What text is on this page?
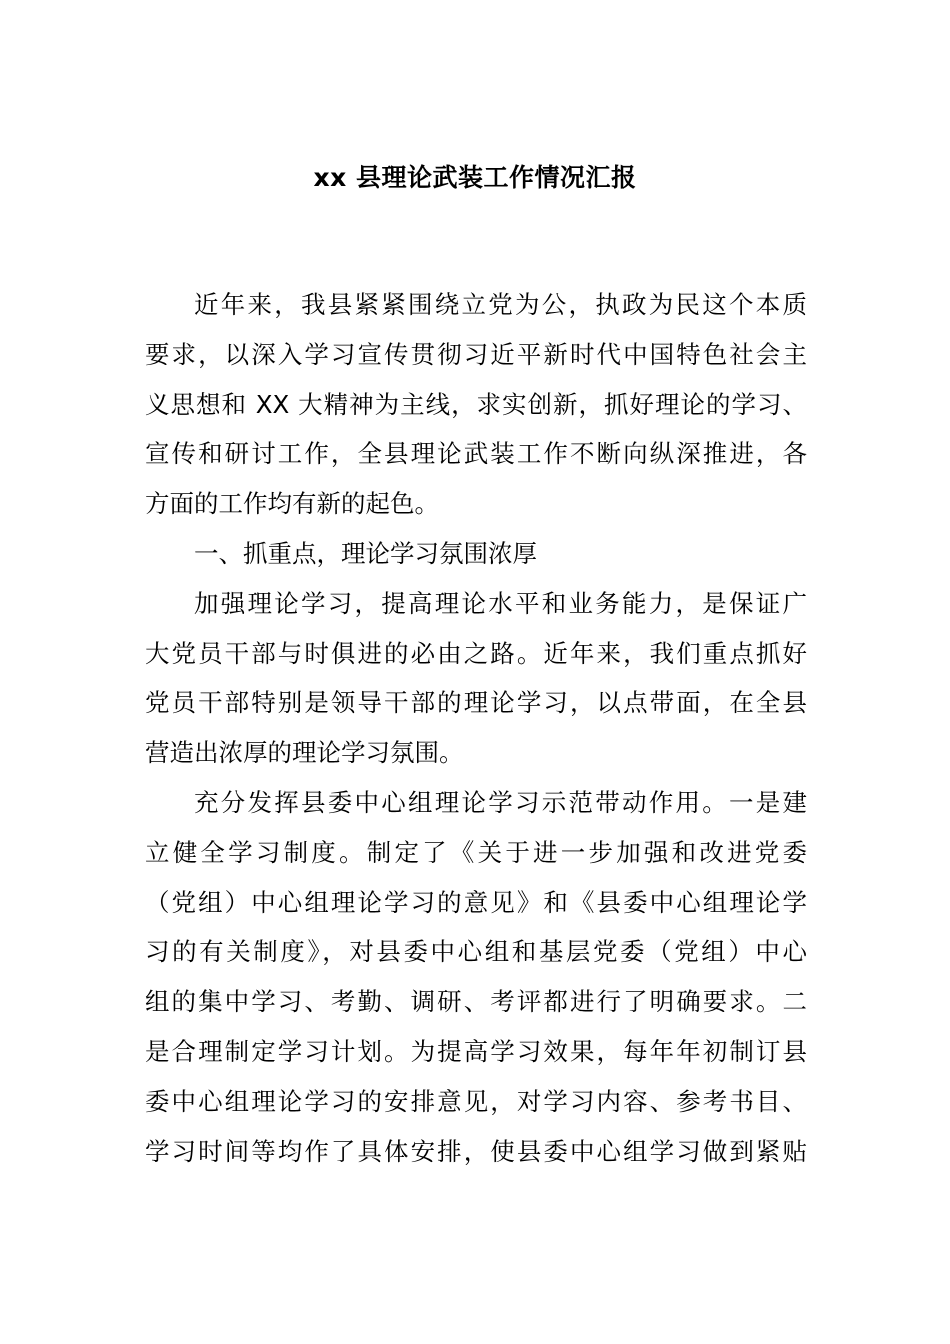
xx 县理论武装工作情况汇报
近年来，我县紧紧围绕立党为公，执政为民这个本质
要求，以深入学习宣传贯彻习近平新时代中国特色社会主
义思想和 XX 大精神为主线，求实创新，抓好理论的学习、
宣传和研讨工作，全县理论武装工作不断向纵深推进，各
方面的工作均有新的起色。
一、抓重点，理论学习氛围浓厚
加强理论学习，提高理论水平和业务能力，是保证广
大党员干部与时俱进的必由之路。近年来，我们重点抓好
党员干部特别是领导干部的理论学习，以点带面，在全县
营造出浓厚的理论学习氛围。
充分发挥县委中心组理论学习示范带动作用。一是建
立健全学习制度。制定了《关于进一步加强和改进党委
（党组）中心组理论学习的意见》和《县委中心组理论学
习的有关制度》，对县委中心组和基层党委（党组）中心
组的集中学习、考勤、调研、考评都进行了明确要求。二
是合理制定学习计划。为提高学习效果，每年年初制订县
委中心组理论学习的安排意见，对学习内容、参考书目、
学习时间等均作了具体安排，使县委中心组学习做到紧贴
